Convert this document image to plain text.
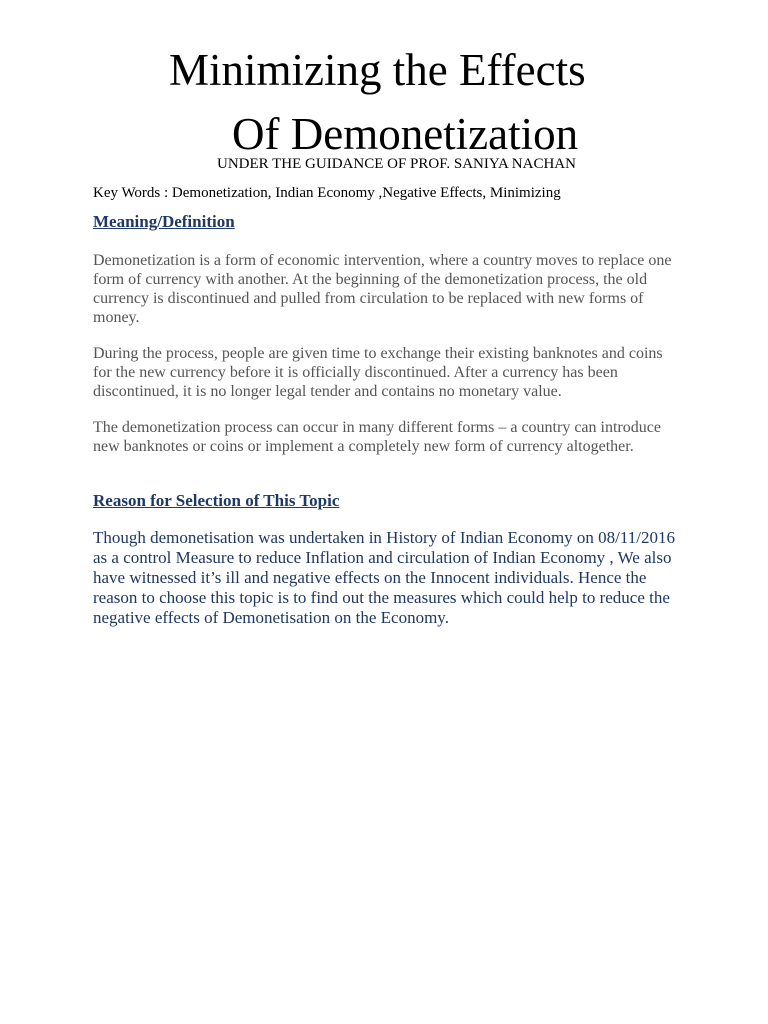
Minimizing the Effects
Of Demonetization
UNDER THE GUIDANCE OF PROF. SANIYA NACHAN
Key Words : Demonetization, Indian Economy ,Negative Effects, Minimizing
Meaning/Definition

Demonetization is a form of economic intervention, where a country moves to replace one form of currency with another. At the beginning of the demonetization process, the old currency is discontinued and pulled from circulation to be replaced with new forms of money.

During the process, people are given time to exchange their existing banknotes and coins for the new currency before it is officially discontinued. After a currency has been discontinued, it is no longer legal tender and contains no monetary value.

The demonetization process can occur in many different forms – a country can introduce new banknotes or coins or implement a completely new form of currency altogether.

Reason for Selection of This Topic

Though demonetisation was undertaken in History of Indian Economy on 08/11/2016 as a control Measure to reduce Inflation and circulation of Indian Economy , We also have witnessed it’s ill and negative effects on the Innocent individuals. Hence the reason to choose this topic is to find out the measures which could help to reduce the negative effects of Demonetisation on the Economy.
